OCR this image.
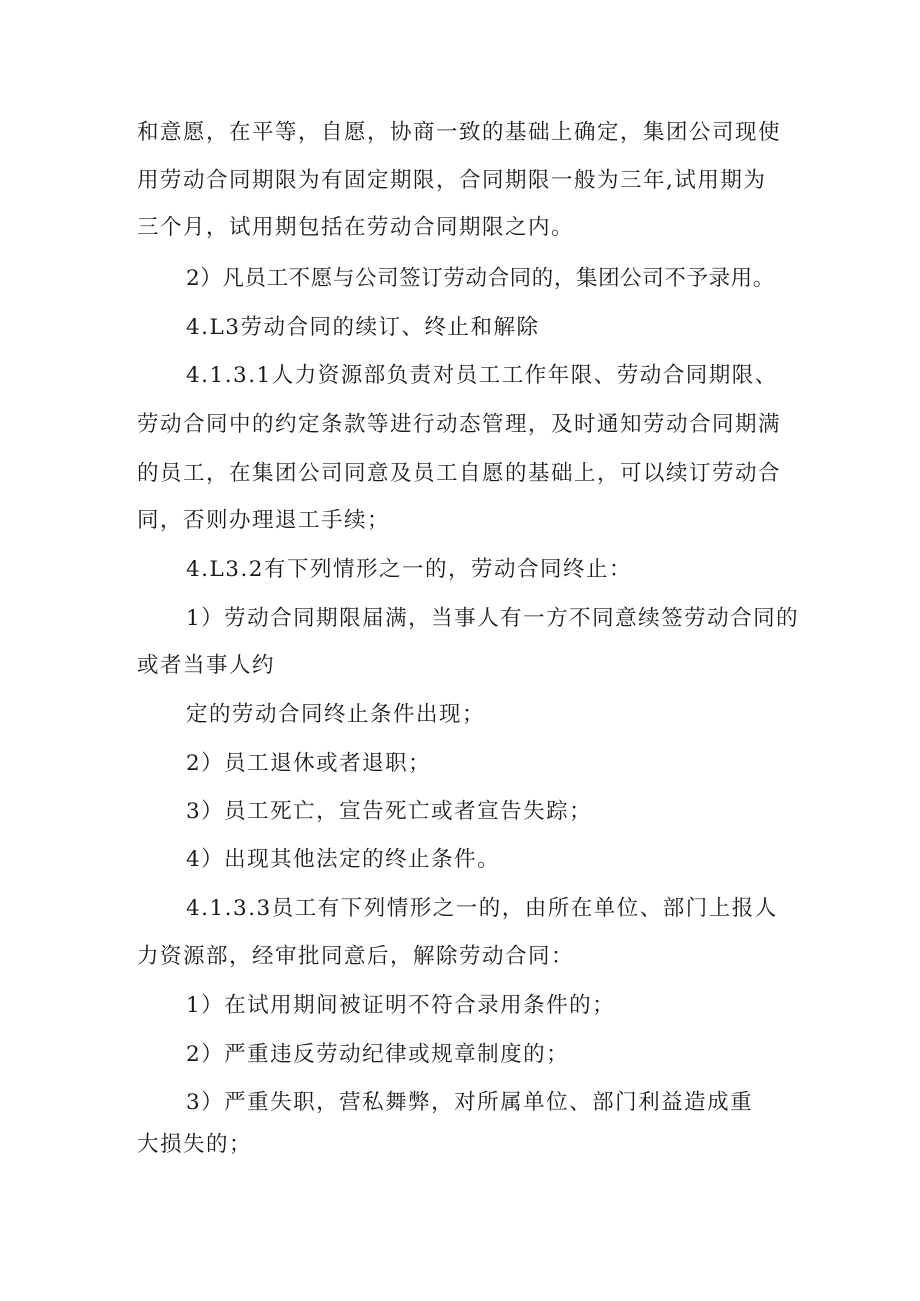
和意愿，在平等，自愿，协商一致的基础上确定，集团公司现使
用劳动合同期限为有固定期限，合同期限一般为三年,试用期为
三个月，试用期包括在劳动合同期限之内。
2）凡员工不愿与公司签订劳动合同的，集团公司不予录用。
4.L3劳动合同的续订、终止和解除
4.1.3.1人力资源部负责对员工工作年限、劳动合同期限、
劳动合同中的约定条款等进行动态管理，及时通知劳动合同期满
的员工，在集团公司同意及员工自愿的基础上，可以续订劳动合
同，否则办理退工手续；
4.L3.2有下列情形之一的，劳动合同终止：
1）劳动合同期限届满，当事人有一方不同意续签劳动合同的
或者当事人约
定的劳动合同终止条件出现；
2）员工退休或者退职；
3）员工死亡，宣告死亡或者宣告失踪；
4）出现其他法定的终止条件。
4.1.3.3员工有下列情形之一的，由所在单位、部门上报人
力资源部，经审批同意后，解除劳动合同：
1）在试用期间被证明不符合录用条件的；
2）严重违反劳动纪律或规章制度的；
3）严重失职，营私舞弊，对所属单位、部门利益造成重
大损失的；
